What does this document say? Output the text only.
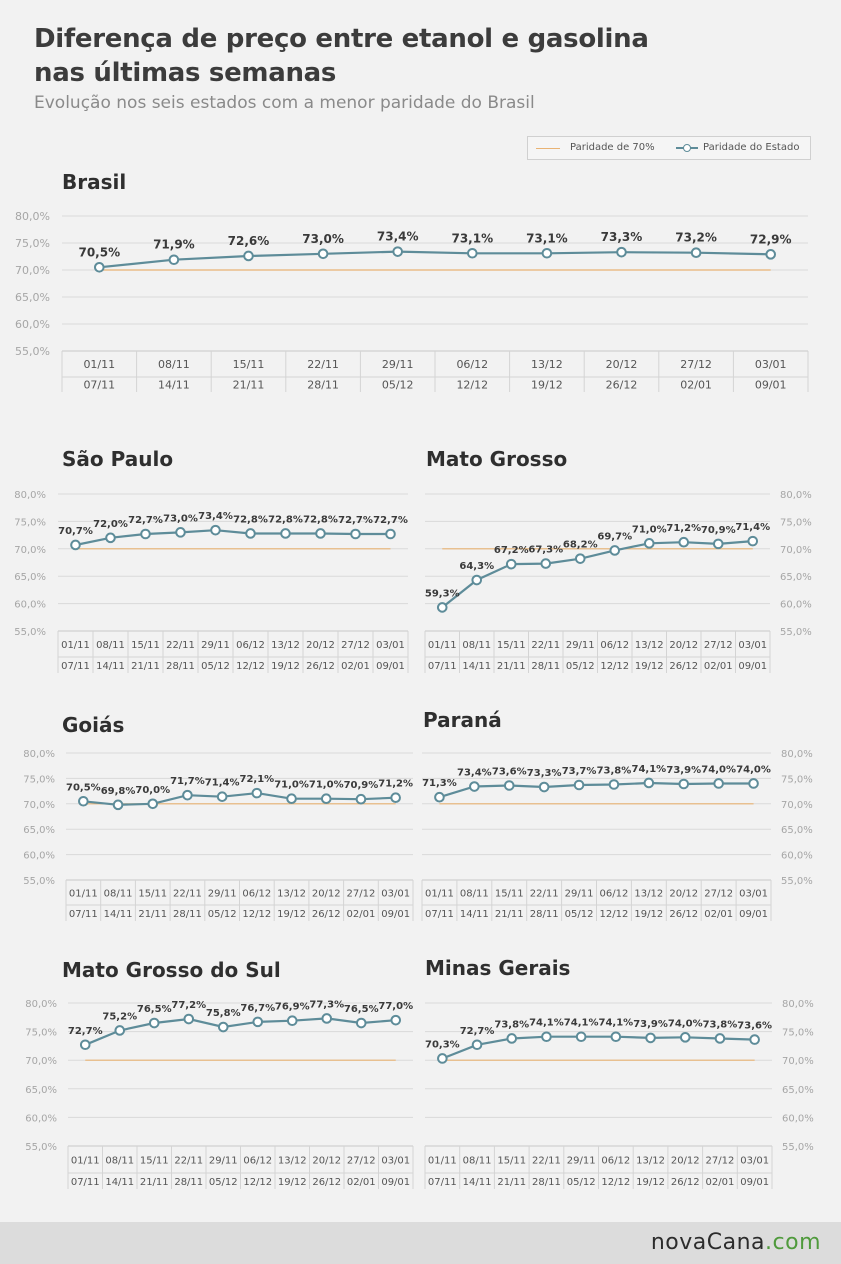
Diferença de preço entre etanol e gasolina
nas últimas semanas
Evolução nos seis estados com a menor paridade do Brasil
Paridade de 70%	Paridade do Estado
Brasil
São Paulo	Mato Grosso
Goiás	Paraná
Mato Grosso do Sul	Minas Gerais
80,0%
75,0%
70,0%
65,0%
60,0%
55,0%
01/11	08/11	15/11	22/11	29/11	06/12	13/12	20/12	27/12	03/01
07/11	14/11	21/11	28/11	05/12	12/12	19/12	26/12	02/01	09/01
70,5%
71,9%	72,6%	73,0%	73,4%	73,1%	73,1%	73,3%	73,2%	72,9%
80,0%
75,0%
70,0%
65,0%
60,0%
55,0%
01/11 08/11 15/11 22/11 29/11 06/12 13/12 20/12 27/12 03/01
07/11 14/11 21/11 28/11 05/12 12/12 19/12 26/12 02/01 09/01
70,7%
72,0% 72,7% 73,0% 73,4% 72,8% 72,8% 72,8% 72,7% 72,7%
80,0%
75,0%
70,0%
65,0%
60,0%
55,0%
01/11 08/11 15/11 22/11 29/11 06/12 13/12 20/12 27/12 03/01
07/11 14/11 21/11 28/11 05/12 12/12 19/12 26/12 02/01 09/01
59,3%
64,3%
67,2% 67,3% 68,2%
69,7%
71,0% 71,2% 70,9% 71,4%
80,0%
75,0%
70,0%
65,0%
60,0%
55,0%
01/11 08/11 15/11 22/11 29/11 06/12 13/12 20/12 27/12 03/01
07/11 14/11 21/11 28/11 05/12 12/12 19/12 26/12 02/01 09/01
70,5% 69,8% 70,0%
71,7% 71,4% 72,1%
71,0% 71,0% 70,9% 71,2%
80,0%
75,0%
70,0%
65,0%
60,0%
55,0%
01/11 08/11 15/11 22/11 29/11 06/12 13/12 20/12 27/12 03/01
07/11 14/11 21/11 28/11 05/12 12/12 19/12 26/12 02/01 09/01
71,3%
73,4% 73,6% 73,3% 73,7% 73,8% 74,1% 73,9% 74,0% 74,0%
80,0%
75,0%
70,0%
65,0%
60,0%
55,0%
01/11 08/11 15/11 22/11 29/11 06/12 13/12 20/12 27/12 03/01
07/11 14/11 21/11 28/11 05/12 12/12 19/12 26/12 02/01 09/01
72,7%
75,2%
76,5% 77,2%
75,8% 76,7% 76,9% 77,3% 76,5% 77,0%	80,0%
75,0%
70,0%
65,0%
60,0%
55,0%
01/11 08/11 15/11 22/11 29/11 06/12 13/12 20/12 27/12 03/01
07/11 14/11 21/11 28/11 05/12 12/12 19/12 26/12 02/01 09/01
70,3%
72,7%
73,8% 74,1% 74,1% 74,1% 73,9% 74,0% 73,8% 73,6%
novaCana.com
